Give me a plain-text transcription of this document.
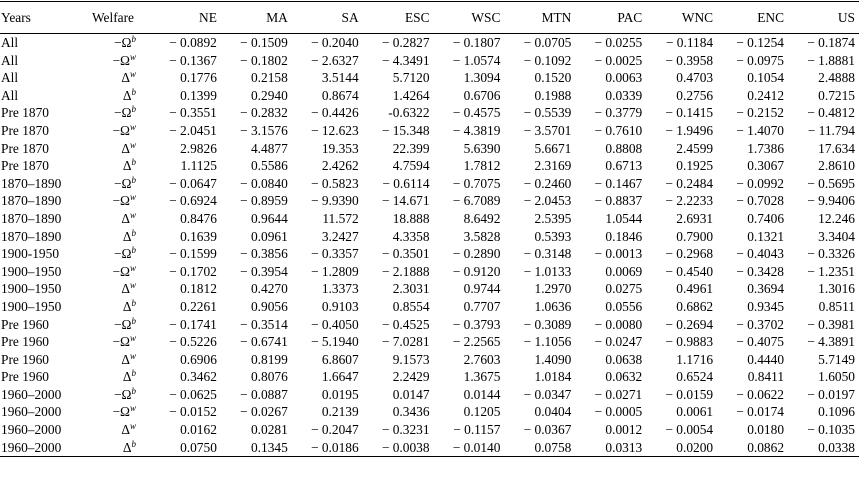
Years	Welfare	NE	MA	SA	ESC	WSC	MTN	PAC	WNC	ENC	US
All	$-\Omega^b$	− 0.0892	− 0.1509	− 0.2040	− 0.2827	− 0.1807	− 0.0705	− 0.0255	− 0.1184	− 0.1254	− 0.1874
All	$-\Omega^w$	− 0.1367	− 0.1802	− 2.6327	− 4.3491	− 1.0574	− 0.1092	− 0.0025	− 0.3958	− 0.0975	− 1.8881
All	$\Delta^w$	0.1776	0.2158	3.5144	5.7120	1.3094	0.1520	0.0063	0.4703	0.1054	2.4888
All	$\Delta^b$	0.1399	0.2940	0.8674	1.4264	0.6706	0.1988	0.0339	0.2756	0.2412	0.7215
Pre 1870	$-\Omega^b$	− 0.3551	− 0.2832	− 0.4426	-0.6322	− 0.4575	− 0.5539	− 0.3779	− 0.1415	− 0.2152	− 0.4812
Pre 1870	$-\Omega^w$	− 2.0451	− 3.1576	− 12.623	− 15.348	− 4.3819	− 3.5701	− 0.7610	− 1.9496	− 1.4070	− 11.794
Pre 1870	$\Delta^w$	2.9826	4.4877	19.353	22.399	5.6390	5.6671	0.8808	2.4599	1.7386	17.634
Pre 1870	$\Delta^b$	1.1125	0.5586	2.4262	4.7594	1.7812	2.3169	0.6713	0.1925	0.3067	2.8610
1870–1890	$-\Omega^b$	− 0.0647	− 0.0840	− 0.5823	− 0.6114	− 0.7075	− 0.2460	− 0.1467	− 0.2484	− 0.0992	− 0.5695
1870–1890	$-\Omega^w$	− 0.6924	− 0.8959	− 9.9390	− 14.671	− 6.7089	− 2.0453	− 0.8837	− 2.2233	− 0.7028	− 9.9406
1870–1890	$\Delta^w$	0.8476	0.9644	11.572	18.888	8.6492	2.5395	1.0544	2.6931	0.7406	12.246
1870–1890	$\Delta^b$	0.1639	0.0961	3.2427	4.3358	3.5828	0.5393	0.1846	0.7900	0.1321	3.3404
1900-1950	$-\Omega^b$	− 0.1599	− 0.3856	− 0.3357	− 0.3501	− 0.2890	− 0.3148	− 0.0013	− 0.2968	− 0.4043	− 0.3326
1900–1950	$-\Omega^w$	− 0.1702	− 0.3954	− 1.2809	− 2.1888	− 0.9120	− 1.0133	0.0069	− 0.4540	− 0.3428	− 1.2351
1900–1950	$\Delta^w$	0.1812	0.4270	1.3373	2.3031	0.9744	1.2970	0.0275	0.4961	0.3694	1.3016
1900–1950	$\Delta^b$	0.2261	0.9056	0.9103	0.8554	0.7707	1.0636	0.0556	0.6862	0.9345	0.8511
Pre 1960	$-\Omega^b$	− 0.1741	− 0.3514	− 0.4050	− 0.4525	− 0.3793	− 0.3089	− 0.0080	− 0.2694	− 0.3702	− 0.3981
Pre 1960	$-\Omega^w$	− 0.5226	− 0.6741	− 5.1940	− 7.0281	− 2.2565	− 1.1056	− 0.0247	− 0.9883	− 0.4075	− 4.3891
Pre 1960	$\Delta^w$	0.6906	0.8199	6.8607	9.1573	2.7603	1.4090	0.0638	1.1716	0.4440	5.7149
Pre 1960	$\Delta^b$	0.3462	0.8076	1.6647	2.2429	1.3675	1.0184	0.0632	0.6524	0.8411	1.6050
1960–2000	$-\Omega^b$	− 0.0625	− 0.0887	0.0195	0.0147	0.0144	− 0.0347	− 0.0271	− 0.0159	− 0.0622	− 0.0197
1960–2000	$-\Omega^w$	− 0.0152	− 0.0267	0.2139	0.3436	0.1205	0.0404	− 0.0005	0.0061	− 0.0174	0.1096
1960–2000	$\Delta^w$	0.0162	0.0281	− 0.2047	− 0.3231	− 0.1157	− 0.0367	0.0012	− 0.0054	0.0180	− 0.1035
1960–2000	$\Delta^b$	0.0750	0.1345	− 0.0186	− 0.0038	− 0.0140	0.0758	0.0313	0.0200	0.0862	0.0338
